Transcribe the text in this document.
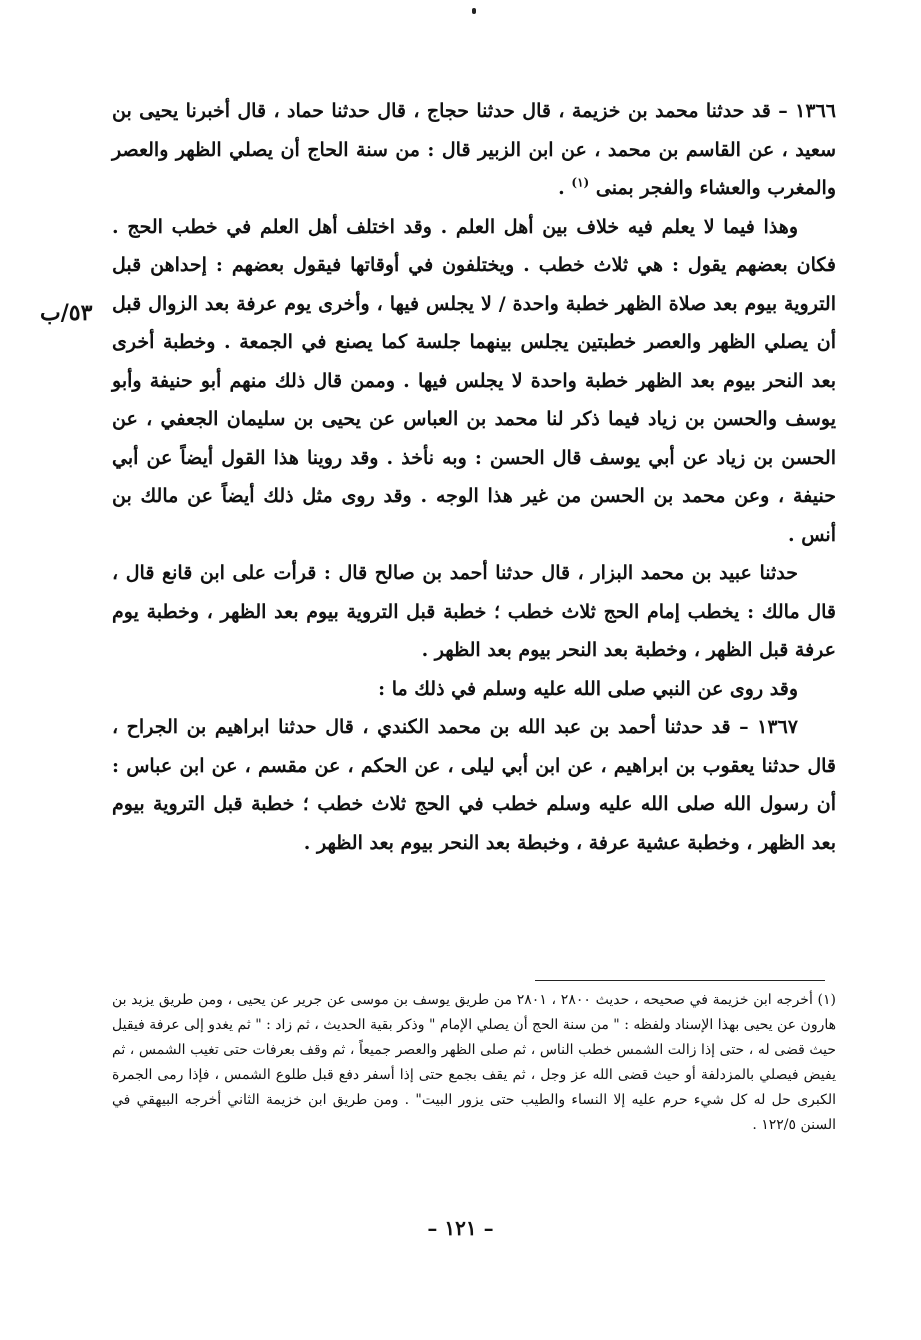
٥٣/ب

١٣٦٦ – قد حدثنا محمد بن خزيمة ، قال حدثنا حجاج ، قال حدثنا حماد ، قال أخبرنا يحيى بن سعيد ، عن القاسم بن محمد ، عن ابن الزبير قال : من سنة الحاج أن يصلي الظهر والعصر والمغرب والعشاء والفجر بمنى $^{(١)}$ .

وهذا فيما لا يعلم فيه خلاف بين أهل العلم . وقد اختلف أهل العلم في خطب الحج . فكان بعضهم يقول : هي ثلاث خطب . ويختلفون في أوقاتها فيقول بعضهم : إحداهن قبل التروية بيوم بعد صلاة الظهر خطبة واحدة / لا يجلس فيها ، وأخرى يوم عرفة بعد الزوال قبل أن يصلي الظهر والعصر خطبتين يجلس بينهما جلسة كما يصنع في الجمعة . وخطبة أخرى بعد النحر بيوم بعد الظهر خطبة واحدة لا يجلس فيها . وممن قال ذلك منهم أبو حنيفة وأبو يوسف والحسن بن زياد فيما ذكر لنا محمد بن العباس عن يحيى بن سليمان الجعفي ، عن الحسن بن زياد عن أبي يوسف قال الحسن : وبه نأخذ . وقد روينا هذا القول أيضاً عن أبي حنيفة ، وعن محمد بن الحسن من غير هذا الوجه . وقد روى مثل ذلك أيضاً عن مالك بن أنس .

حدثنا عبيد بن محمد البزار ، قال حدثنا أحمد بن صالح قال : قرأت على ابن قانع قال ، قال مالك : يخطب إمام الحج ثلاث خطب ؛ خطبة قبل التروية بيوم بعد الظهر ، وخطبة يوم عرفة قبل الظهر ، وخطبة بعد النحر بيوم بعد الظهر .

وقد روى عن النبي صلى الله عليه وسلم في ذلك ما :

١٣٦٧ – قد حدثنا أحمد بن عبد الله بن محمد الكندي ، قال حدثنا ابراهيم بن الجراح ، قال حدثنا يعقوب بن ابراهيم ، عن ابن أبي ليلى ، عن الحكم ، عن مقسم ، عن ابن عباس : أن رسول الله صلى الله عليه وسلم خطب في الحج ثلاث خطب ؛ خطبة قبل التروية بيوم بعد الظهر ، وخطبة عشية عرفة ، وخبطة بعد النحر بيوم بعد الظهر .

(١) أخرجه ابن خزيمة في صحيحه ، حديث ٢٨٠٠ ، ٢٨٠١ من طريق يوسف بن موسى عن جرير عن يحيى ، ومن طريق يزيد بن هارون عن يحيى بهذا الإسناد ولفظه : " من سنة الحج أن يصلي الإمام " وذكر بقية الحديث ، ثم زاد : " ثم يغدو إلى عرفة فيقيل حيث قضى له ، حتى إذا زالت الشمس خطب الناس ، ثم صلى الظهر والعصر جميعاً ، ثم وقف بعرفات حتى تغيب الشمس ، ثم يفيض فيصلي بالمزدلفة أو حيث قضى الله عز وجل ، ثم يقف بجمع حتى إذا أسفر دفع قبل طلوع الشمس ، فإذا رمى الجمرة الكبرى حل له كل شيء حرم عليه إلا النساء والطيب حتى يزور البيت" . ومن طريق ابن خزيمة الثاني أخرجه البيهقي في السنن ١٢٢/٥ .

– ١٢١ –
